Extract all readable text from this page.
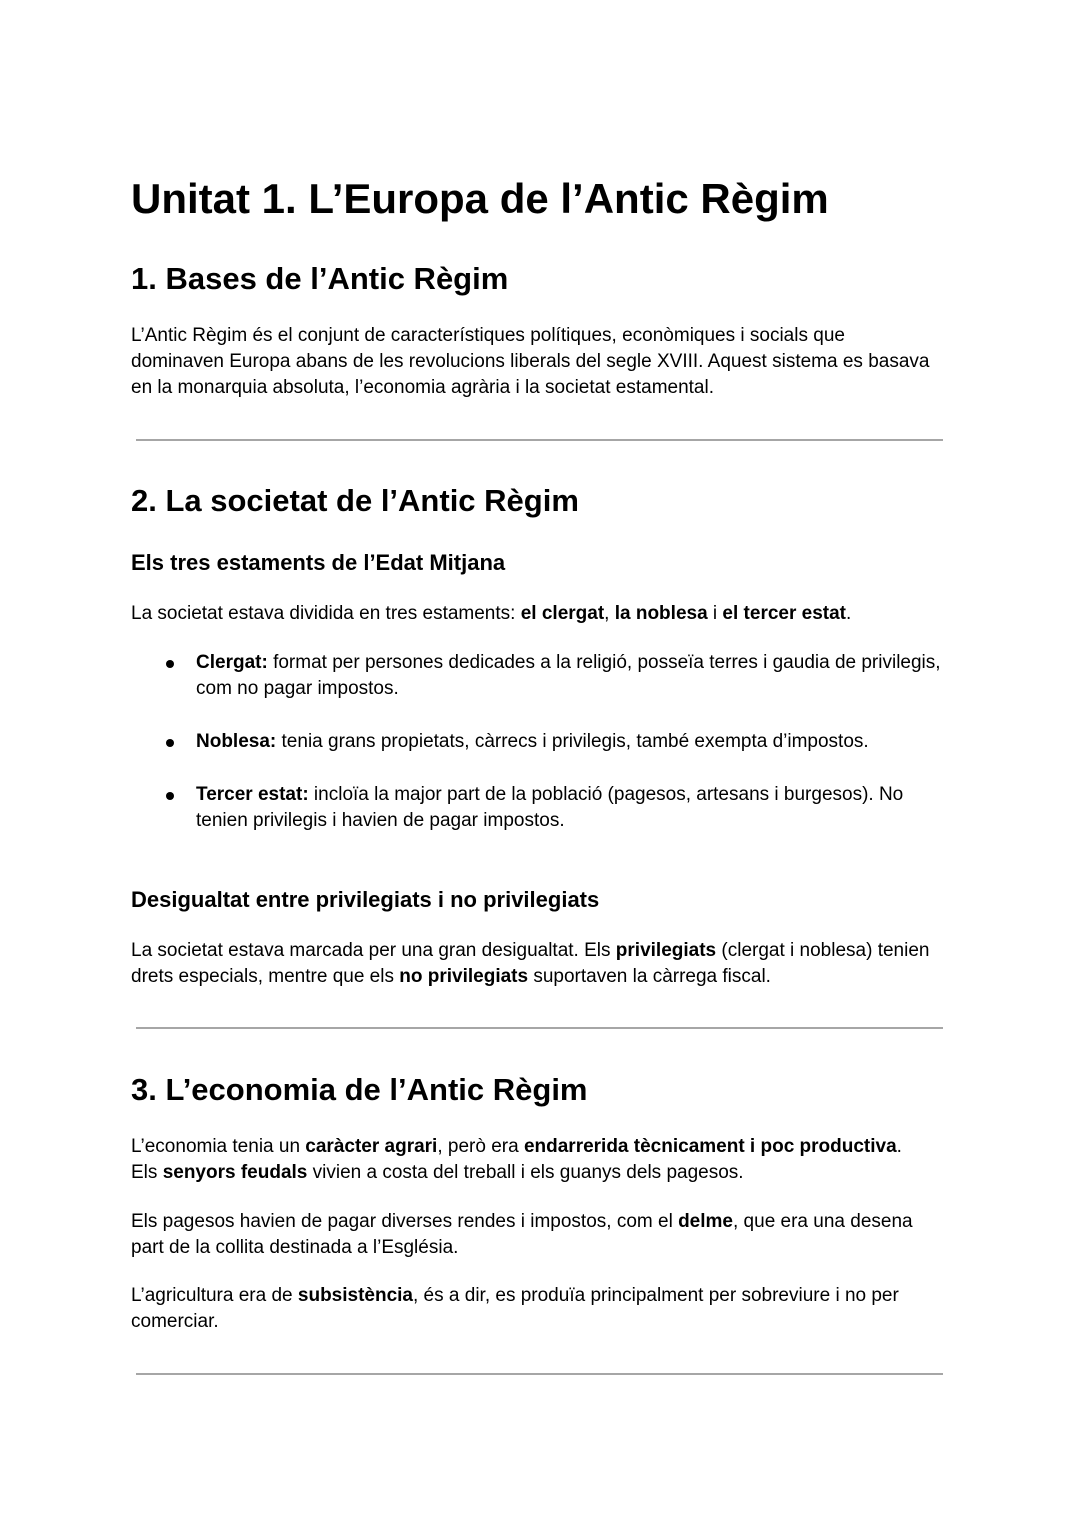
Unitat 1. L’Europa de l’Antic Règim
1. Bases de l’Antic Règim

L’Antic Règim és el conjunt de característiques polítiques, econòmiques i socials que dominaven Europa abans de les revolucions liberals del segle XVIII. Aquest sistema es basava en la monarquia absoluta, l’economia agrària i la societat estamental.

2. La societat de l’Antic Règim
Els tres estaments de l’Edat Mitjana

La societat estava dividida en tres estaments: el clergat, la noblesa i el tercer estat.

Clergat: format per persones dedicades a la religió, posseïa terres i gaudia de privilegis, com no pagar impostos.
Noblesa: tenia grans propietats, càrrecs i privilegis, també exempta d’impostos.
Tercer estat: incloïa la major part de la població (pagesos, artesans i burgesos). No tenien privilegis i havien de pagar impostos.
Desigualtat entre privilegiats i no privilegiats

La societat estava marcada per una gran desigualtat. Els privilegiats (clergat i noblesa) tenien drets especials, mentre que els no privilegiats suportaven la càrrega fiscal.

3. L’economia de l’Antic Règim

L’economia tenia un caràcter agrari, però era endarrerida tècnicament i poc productiva.
Els senyors feudals vivien a costa del treball i els guanys dels pagesos.

Els pagesos havien de pagar diverses rendes i impostos, com el delme, que era una desena part de la collita destinada a l’Església.

L’agricultura era de subsistència, és a dir, es produïa principalment per sobreviure i no per comerciar.
